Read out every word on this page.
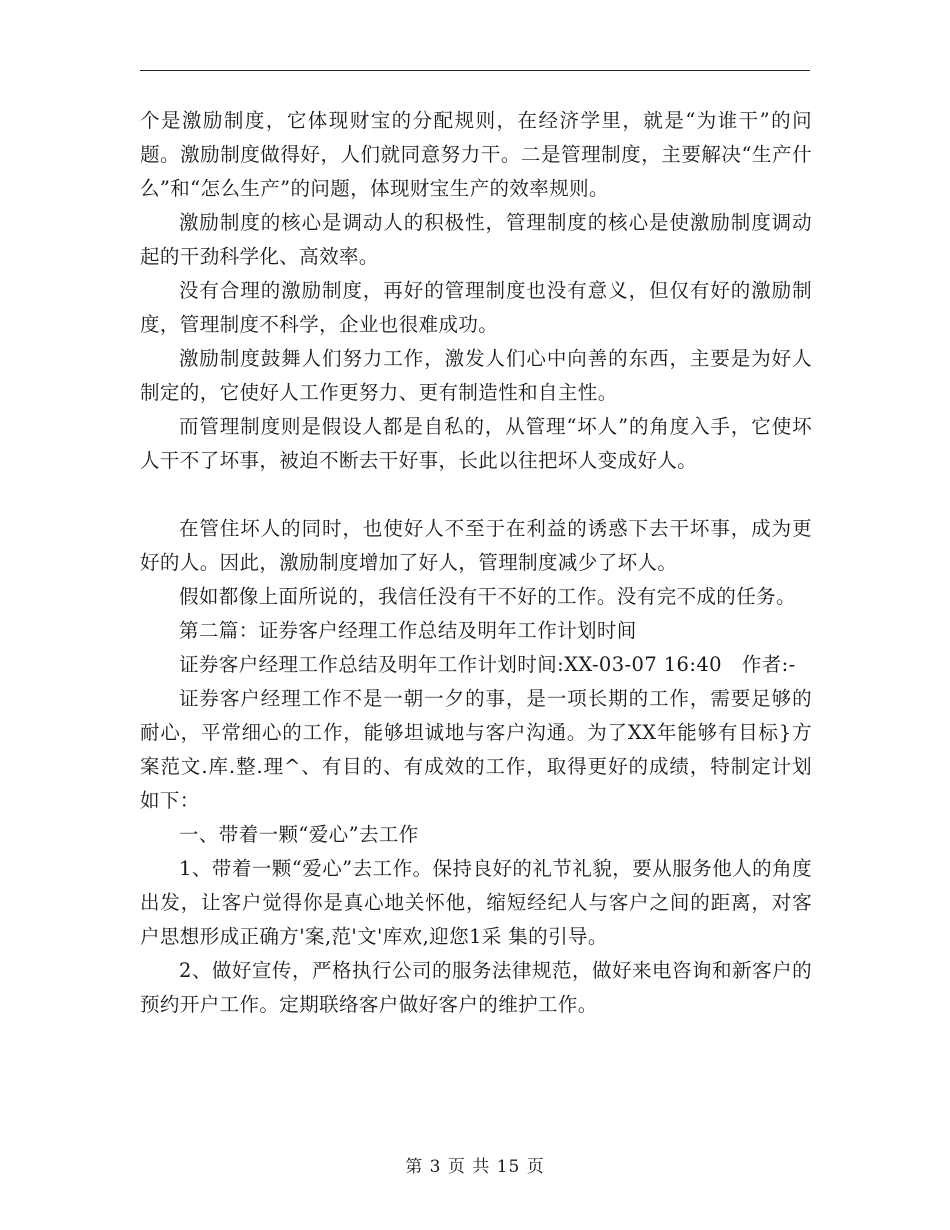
个是激励制度，它体现财宝的分配规则，在经济学里，就是“为谁干”的问题。激励制度做得好，人们就同意努力干。二是管理制度，主要解决“生产什么”和“怎么生产”的问题，体现财宝生产的效率规则。

激励制度的核心是调动人的积极性，管理制度的核心是使激励制度调动起的干劲科学化、高效率。

没有合理的激励制度，再好的管理制度也没有意义，但仅有好的激励制度，管理制度不科学，企业也很难成功。

激励制度鼓舞人们努力工作，激发人们心中向善的东西，主要是为好人制定的，它使好人工作更努力、更有制造性和自主性。

而管理制度则是假设人都是自私的，从管理“坏人”的角度入手，它使坏人干不了坏事，被迫不断去干好事，长此以往把坏人变成好人。

在管住坏人的同时，也使好人不至于在利益的诱惑下去干坏事，成为更好的人。因此，激励制度增加了好人，管理制度减少了坏人。

假如都像上面所说的，我信任没有干不好的工作。没有完不成的任务。

第二篇：证券客户经理工作总结及明年工作计划时间

证券客户经理工作总结及明年工作计划时间:XX-03-07 16:40　作者:-

证券客户经理工作不是一朝一夕的事，是一项长期的工作，需要足够的耐心，平常细心的工作，能够坦诚地与客户沟通。为了XX年能够有目标}方案范文.库.整.理^、有目的、有成效的工作，取得更好的成绩，特制定计划如下：

一、带着一颗“爱心”去工作

1、带着一颗“爱心”去工作。保持良好的礼节礼貌，要从服务他人的角度出发，让客户觉得你是真心地关怀他，缩短经纪人与客户之间的距离，对客户思想形成正确方'案,范'文'库欢,迎您1采 集的引导。

2、做好宣传，严格执行公司的服务法律规范，做好来电咨询和新客户的预约开户工作。定期联络客户做好客户的维护工作。

第 3 页 共 15 页
